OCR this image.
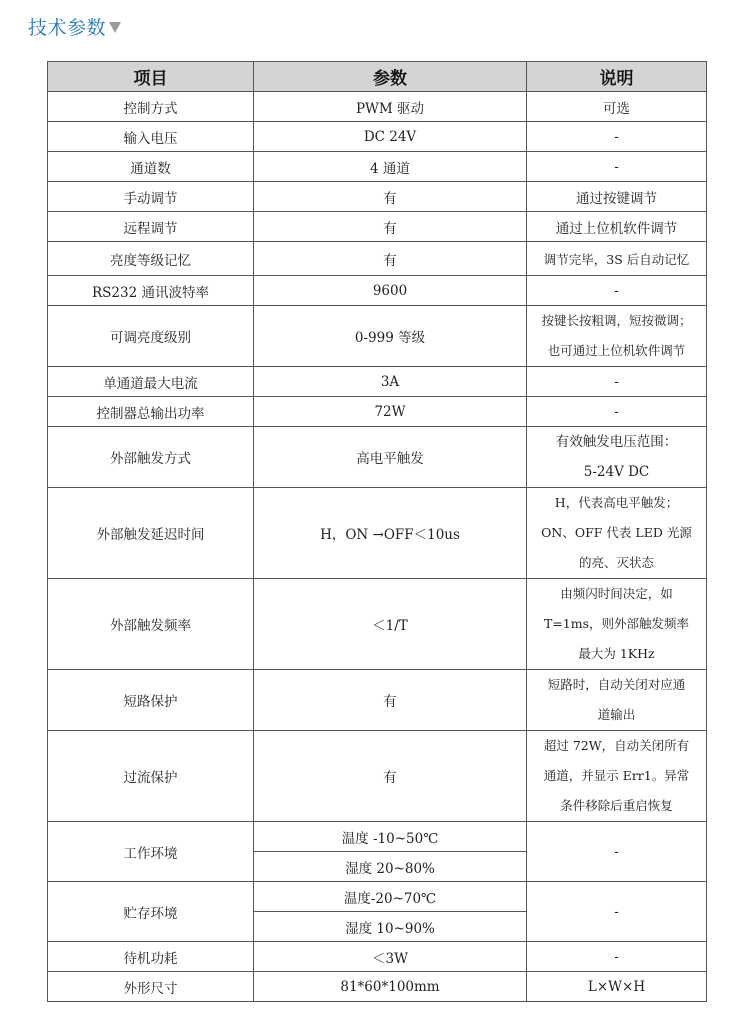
技术参数
项目	参数	说明
控制方式	PWM 驱动	可选
输入电压	DC 24V	-
通道数	4 通道	-
手动调节	有	通过按键调节
远程调节	有	通过上位机软件调节
亮度等级记忆	有	调节完毕，3S 后自动记忆
RS232 通讯波特率	9600	-
可调亮度级别	0-999 等级	按键长按粗调，短按微调；
也可通过上位机软件调节

单通道最大电流	3A	-
控制器总输出功率	72W	-
外部触发方式	高电平触发	有效触发电压范围：
5-24V DC

外部触发延迟时间	H，ON →OFF＜10us	H，代表高电平触发；
ON、OFF 代表 LED 光源
的亮、灭状态

外部触发频率	＜1/T	由频闪时间决定，如
T=1ms，则外部触发频率
最大为 1KHz

短路保护	有	短路时，自动关闭对应通
道输出

过流保护	有	超过 72W，自动关闭所有
通道，并显示 Err1。异常
条件移除后重启恢复

工作环境	温度 -10~50℃	-
	湿度 20~80%	
贮存环境	温度-20~70℃	-
	湿度 10~90%	
待机功耗	＜3W	-
外形尺寸	81*60*100mm	L×W×H
